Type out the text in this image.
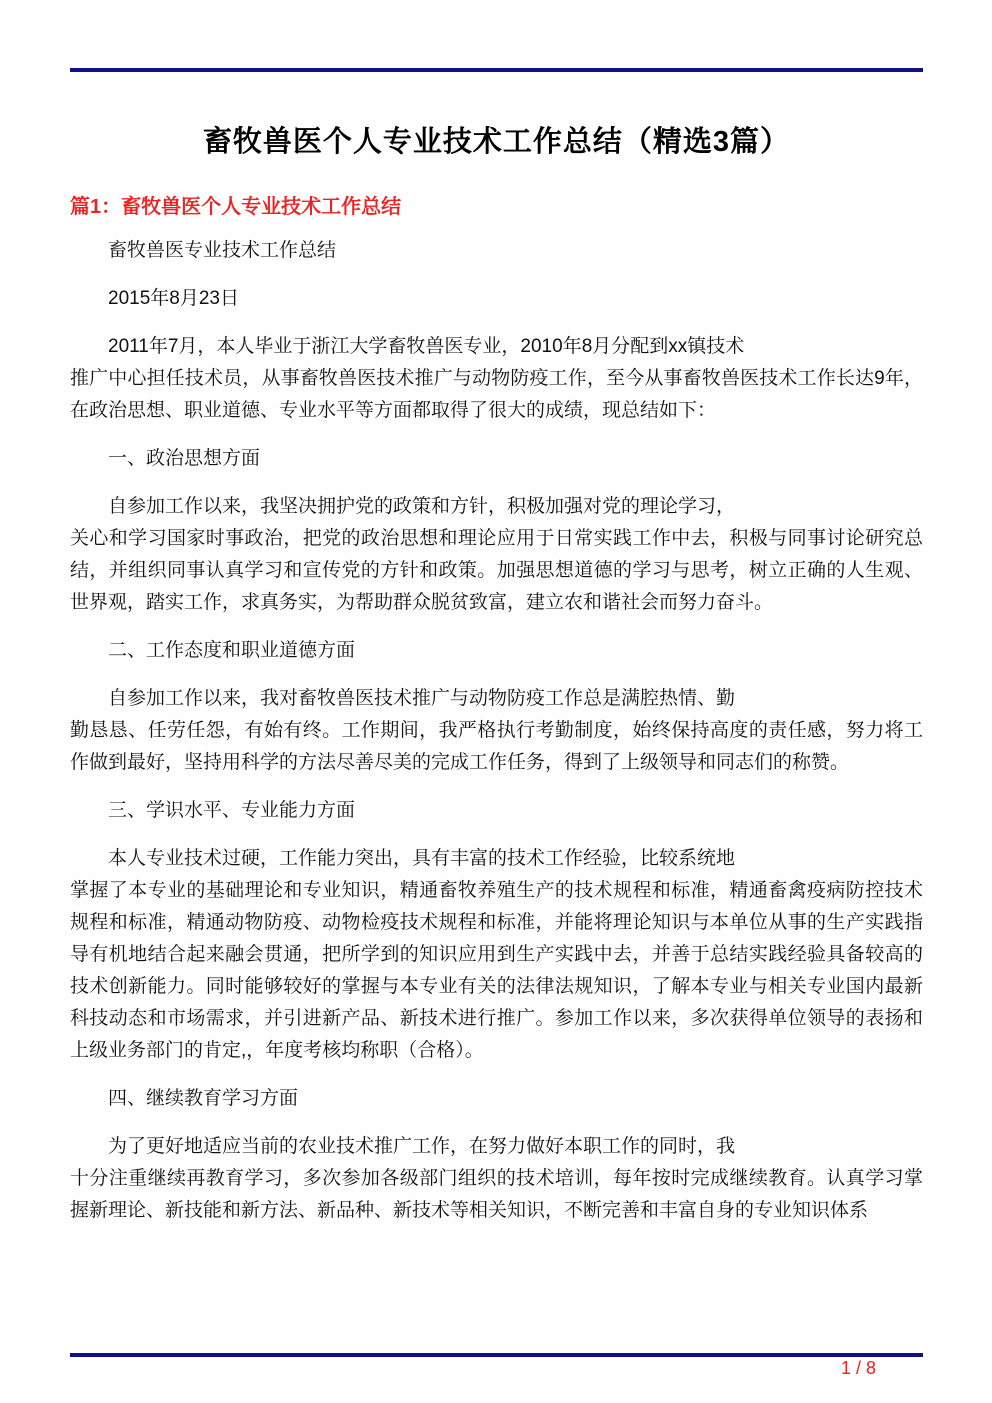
畜牧兽医个人专业技术工作总结（精选3篇）
篇1：畜牧兽医个人专业技术工作总结

畜牧兽医专业技术工作总结

2015年8月23日

2011年7月，本人毕业于浙江大学畜牧兽医专业，2010年8月分配到xx镇技术

推广中心担任技术员，从事畜牧兽医技术推广与动物防疫工作，至今从事畜牧兽医技术工作长达9年，在政治思想、职业道德、专业水平等方面都取得了很大的成绩，现总结如下：

一、政治思想方面

自参加工作以来，我坚决拥护党的政策和方针，积极加强对党的理论学习，

关心和学习国家时事政治，把党的政治思想和理论应用于日常实践工作中去，积极与同事讨论研究总结，并组织同事认真学习和宣传党的方针和政策。加强思想道德的学习与思考，树立正确的人生观、世界观，踏实工作，求真务实，为帮助群众脱贫致富，建立农和谐社会而努力奋斗。

二、工作态度和职业道德方面

自参加工作以来，我对畜牧兽医技术推广与动物防疫工作总是满腔热情、勤

勤恳恳、任劳任怨，有始有终。工作期间，我严格执行考勤制度，始终保持高度的责任感，努力将工作做到最好，坚持用科学的方法尽善尽美的完成工作任务，得到了上级领导和同志们的称赞。

三、学识水平、专业能力方面

本人专业技术过硬，工作能力突出，具有丰富的技术工作经验，比较系统地

掌握了本专业的基础理论和专业知识，精通畜牧养殖生产的技术规程和标准，精通畜禽疫病防控技术规程和标准，精通动物防疫、动物检疫技术规程和标准，并能将理论知识与本单位从事的生产实践指导有机地结合起来融会贯通，把所学到的知识应用到生产实践中去，并善于总结实践经验具备较高的技术创新能力。同时能够较好的掌握与本专业有关的法律法规知识，了解本专业与相关专业国内最新科技动态和市场需求，并引进新产品、新技术进行推广。参加工作以来，多次获得单位领导的表扬和上级业务部门的肯定,，年度考核均称职（合格）。

四、继续教育学习方面

为了更好地适应当前的农业技术推广工作，在努力做好本职工作的同时，我

十分注重继续再教育学习，多次参加各级部门组织的技术培训，每年按时完成继续教育。认真学习掌握新理论、新技能和新方法、新品种、新技术等相关知识，不断完善和丰富自身的专业知识体系

1 / 8
